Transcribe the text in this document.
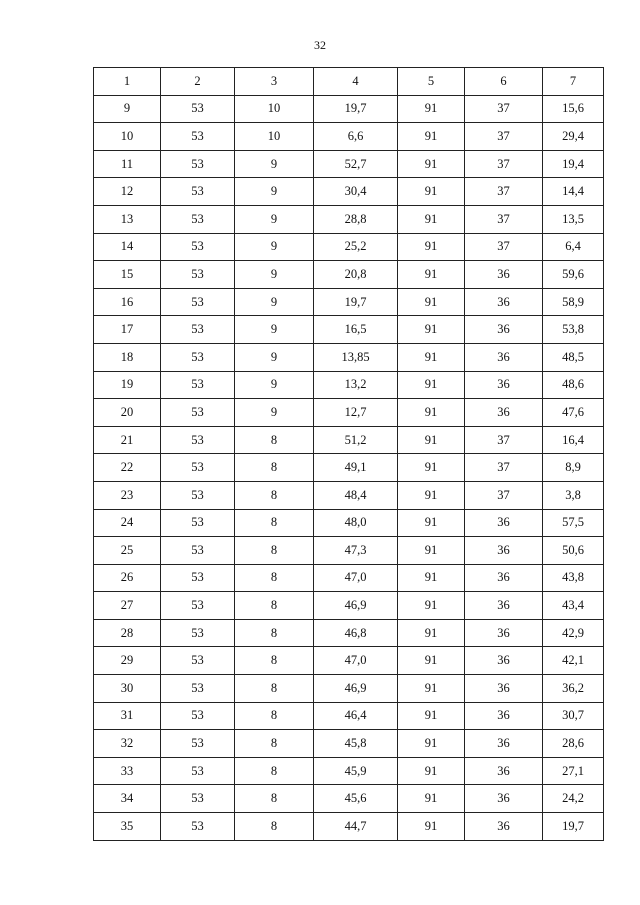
32
1	2	3	4	5	6	7
9	53	10	19,7	91	37	15,6
10	53	10	6,6	91	37	29,4
11	53	9	52,7	91	37	19,4
12	53	9	30,4	91	37	14,4
13	53	9	28,8	91	37	13,5
14	53	9	25,2	91	37	6,4
15	53	9	20,8	91	36	59,6
16	53	9	19,7	91	36	58,9
17	53	9	16,5	91	36	53,8
18	53	9	13,85	91	36	48,5
19	53	9	13,2	91	36	48,6
20	53	9	12,7	91	36	47,6
21	53	8	51,2	91	37	16,4
22	53	8	49,1	91	37	8,9
23	53	8	48,4	91	37	3,8
24	53	8	48,0	91	36	57,5
25	53	8	47,3	91	36	50,6
26	53	8	47,0	91	36	43,8
27	53	8	46,9	91	36	43,4
28	53	8	46,8	91	36	42,9
29	53	8	47,0	91	36	42,1
30	53	8	46,9	91	36	36,2
31	53	8	46,4	91	36	30,7
32	53	8	45,8	91	36	28,6
33	53	8	45,9	91	36	27,1
34	53	8	45,6	91	36	24,2
35	53	8	44,7	91	36	19,7
